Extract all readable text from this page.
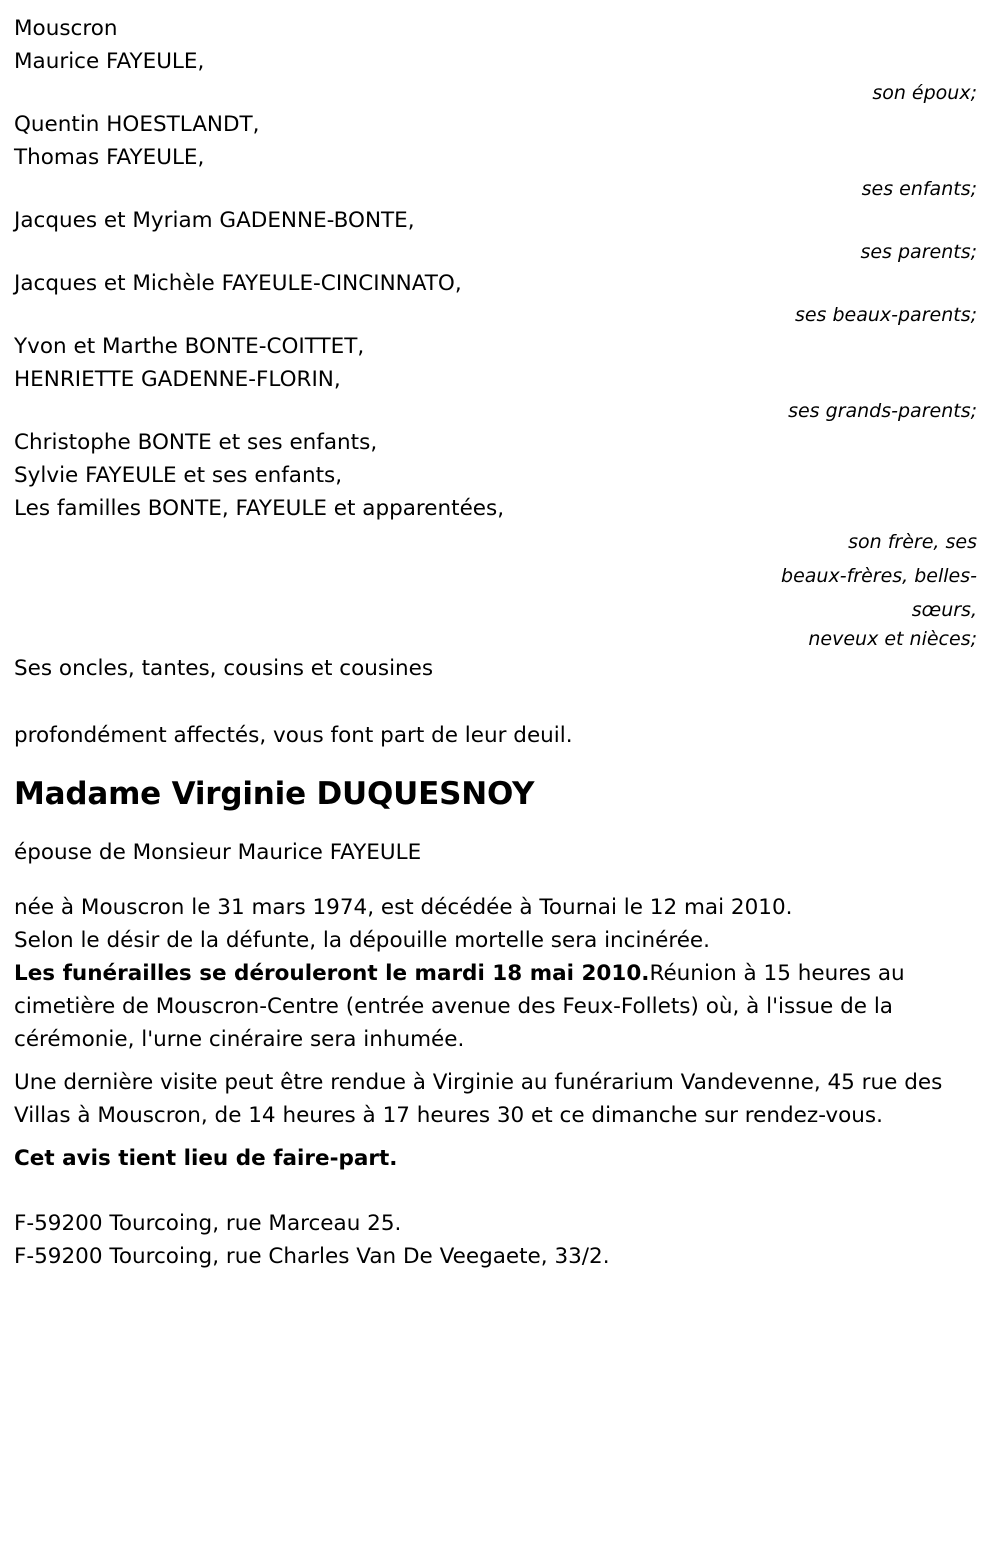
Mouscron
Maurice FAYEULE,
son époux;
Quentin HOESTLANDT,
Thomas FAYEULE,
ses enfants;
Jacques et Myriam GADENNE-BONTE,
ses parents;
Jacques et Michèle FAYEULE-CINCINNATO,
ses beaux-parents;
Yvon et Marthe BONTE-COITTET,
HENRIETTE GADENNE-FLORIN,
ses grands-parents;
Christophe BONTE et ses enfants,
Sylvie FAYEULE et ses enfants,
Les familles BONTE, FAYEULE et apparentées,
son frère, ses
beaux-frères, belles-
sœurs,
neveux et nièces;
Ses oncles, tantes, cousins et cousines
profondément affectés, vous font part de leur deuil.
Madame Virginie DUQUESNOY
épouse de Monsieur Maurice FAYEULE
née à Mouscron le 31 mars 1974, est décédée à Tournai le 12 mai 2010.
Selon le désir de la défunte, la dépouille mortelle sera incinérée.

Les funérailles se dérouleront le mardi 18 mai 2010.Réunion à 15 heures au cimetière de Mouscron-Centre (entrée avenue des Feux-Follets) où, à l'issue de la cérémonie, l'urne cinéraire sera inhumée.

Une dernière visite peut être rendue à Virginie au funérarium Vandevenne, 45 rue des Villas à Mouscron, de 14 heures à 17 heures 30 et ce dimanche sur rendez-vous.

Cet avis tient lieu de faire-part.

F-59200 Tourcoing, rue Marceau 25.
F-59200 Tourcoing, rue Charles Van De Veegaete, 33/2.
